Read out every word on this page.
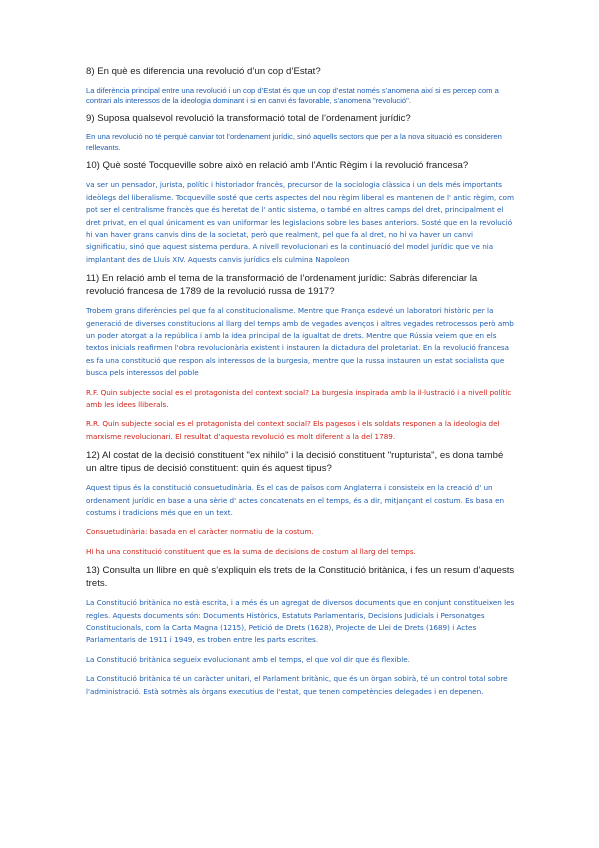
8) En què es diferencia una revolució d’un cop d’Estat?

La diferència principal entre una revolució i un cop d’Estat és que un cop d’estat només s’anomena així si es percep com a contrari als interessos de la ideologia dominant i si en canvi és favorable, s’anomena "revolució".

9) Suposa qualsevol revolució la transformació total de l’ordenament jurídic?

En una revolució no té perquè canviar tot l’ordenament jurídic, sinó aquells sectors que per a la nova situació es consideren rellevants.

10) Què sosté Tocqueville sobre això en relació amb l’Antic Règim i la revolució francesa?

va ser un pensador, jurista, polític i historiador francès, precursor de la sociologia clàssica i un dels més importants ideòlegs del liberalisme. Tocqueville sosté que certs aspectes del nou règim liberal es mantenen de l' antic règim, com pot ser el centralisme francès que és heretat de l' antic sistema, o també en altres camps del dret, principalment el dret privat, en el qual únicament es van uniformar les legislacions sobre les bases anteriors. Sosté que en la revolució hi van haver grans canvis dins de la societat, però que realment, pel que fa al dret, no hi va haver un canvi significatiu, sinó que aquest sistema perdura. A nivell revolucionari es la continuació del model jurídic que ve nia implantant des de Lluís XIV. Aquests canvis jurídics els culmina Napoleon

11) En relació amb el tema de la transformació de l’ordenament jurídic: Sabràs diferenciar la revolució francesa de 1789 de la revolució russa de 1917?

Trobem grans diferències pel que fa al constitucionalisme. Mentre que França esdevé un laboratori històric per la generació de diverses constitucions al llarg del temps amb de vegades avenços i altres vegades retrocessos però amb un poder atorgat a la república i amb la idea principal de la igualtat de drets. Mentre que Rússia veiem que en els textos inicials reafirmen l'obra revolucionària existent i instauren la dictadura del proletariat. En la revolució francesa es fa una constitució que respon als interessos de la burgesia, mentre que la russa instauren un estat socialista que busca pels interessos del poble

R.F. Quin subjecte social es el protagonista del context social? La burgesia inspirada amb la il·lustració i a nivell polític amb les idees lliberals.

R.R. Quin subjecte social es el protagonista del context social? Els pagesos i els soldats responen a la ideologia del marxisme revolucionari. El resultat d'aquesta revolució es molt diferent a la del 1789.

12) Al costat de la decisió constituent "ex nihilo" i la decisió constituent "rupturista", es dona també un altre tipus de decisió constituent: quin és aquest tipus?

Aquest tipus és la constitució consuetudinària. És el cas de països com Anglaterra i consisteix en la creació d' un ordenament jurídic en base a una sèrie d' actes concatenats en el temps, és a dir, mitjançant el costum. Es basa en costums i tradicions més que en un text.

Consuetudinària: basada en el caràcter normatiu de la costum.

Hi ha una constitució constituent que es la suma de decisions de costum al llarg del temps.

13) Consulta un llibre en què s’expliquin els trets de la Constitució britànica, i fes un resum d’aquests trets.

La Constitució britànica no està escrita, i a més és un agregat de diversos documents que en conjunt constitueixen les regles. Aquests documents són: Documents Històrics, Estatuts Parlamentaris, Decisions Judicials i Personatges Constitucionals, com la Carta Magna (1215), Petició de Drets (1628), Projecte de Llei de Drets (1689) i Actes Parlamentaris de 1911 i 1949, es troben entre les parts escrites.

La Constitució britànica segueix evolucionant amb el temps, el que vol dir que és flexible.

La Constitució britànica té un caràcter unitari, el Parlament britànic, que és un òrgan sobirà, té un control total sobre l'administració. Està sotmès als òrgans executius de l'estat, que tenen competències delegades i en depenen.
